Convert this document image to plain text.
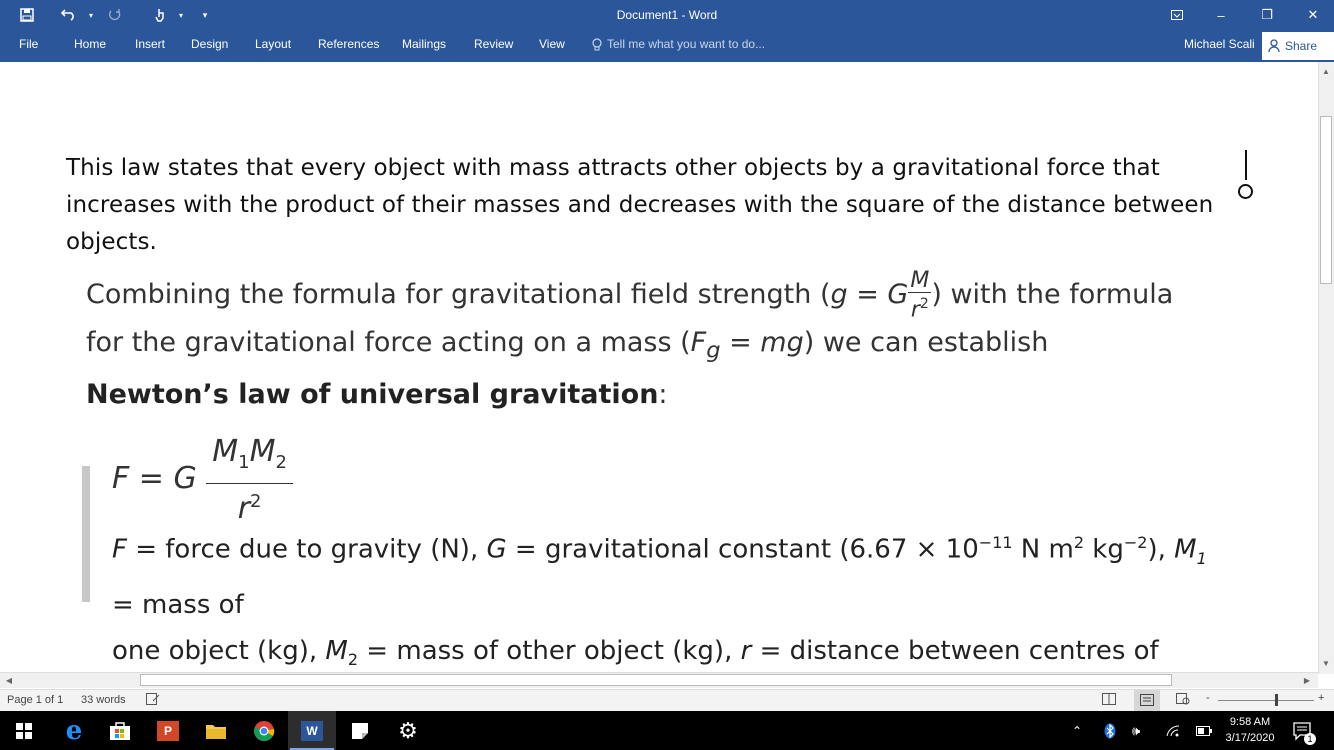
▾	▾	▾	Document1 - Word	–	❐	✕
File	Home Insert Design Layout References Mailings Review View	Tell me what you want to do...	Michael Scali	Share
This law states that every object with mass attracts other objects by a gravitational force that increases with the product of their masses and decreases with the square of the distance between objects.
Combining the formula for gravitational field strength (g = G $\frac{M}{r^2}$ ) with the formula for the gravitational force acting on a mass $(F_g = mg)$ we can establish Newton’s law of universal gravitation:
F = G $\frac{M_1M_2}{r^2}$
F = force due to gravity (N), G = gravitational constant ($6.67 \times 10^{-11}$ N $m^2$ $kg^{-2}$), $M_1$ = mass of
one object (kg), $M_2$ = mass of other object (kg), r = distance between centres of
▲
▼
◀	▶
Page 1 of 1 33 words	-	+
e	P	W	⚙	⌃	🕪
9:58 AM
3/17/2020	1
